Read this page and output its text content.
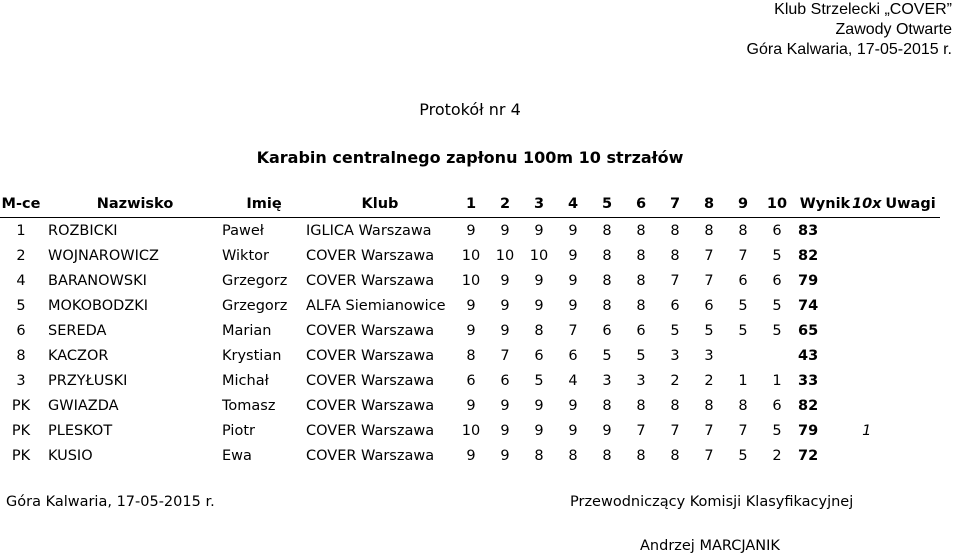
Klub Strzelecki „COVER”
Zawody Otwarte
Góra Kalwaria, 17-05-2015 r.
Protokół nr 4
Karabin centralnego zapłonu 100m 10 strzałów
M-ce	Nazwisko	Imię	Klub	1	2	3	4	5	6	7	8	9	10	Wynik	10x	Uwagi
1	ROZBICKI	Paweł	IGLICA Warszawa	9	9	9	9	8	8	8	8	8	6	83		
2	WOJNAROWICZ	Wiktor	COVER Warszawa	10	10	10	9	8	8	8	7	7	5	82		
4	BARANOWSKI	Grzegorz	COVER Warszawa	10	9	9	9	8	8	7	7	6	6	79		
5	MOKOBODZKI	Grzegorz	ALFA Siemianowice	9	9	9	9	8	8	6	6	5	5	74		
6	SEREDA	Marian	COVER Warszawa	9	9	8	7	6	6	5	5	5	5	65		
8	KACZOR	Krystian	COVER Warszawa	8	7	6	6	5	5	3	3			43		
3	PRZYŁUSKI	Michał	COVER Warszawa	6	6	5	4	3	3	2	2	1	1	33		
PK	GWIAZDA	Tomasz	COVER Warszawa	9	9	9	9	8	8	8	8	8	6	82		
PK	PLESKOT	Piotr	COVER Warszawa	10	9	9	9	9	7	7	7	7	5	79	1	
PK	KUSIO	Ewa	COVER Warszawa	9	9	8	8	8	8	8	7	5	2	72		
Góra Kalwaria, 17-05-2015 r.	Przewodniczący Komisji Klasyfikacyjnej
Andrzej MARCJANIK
